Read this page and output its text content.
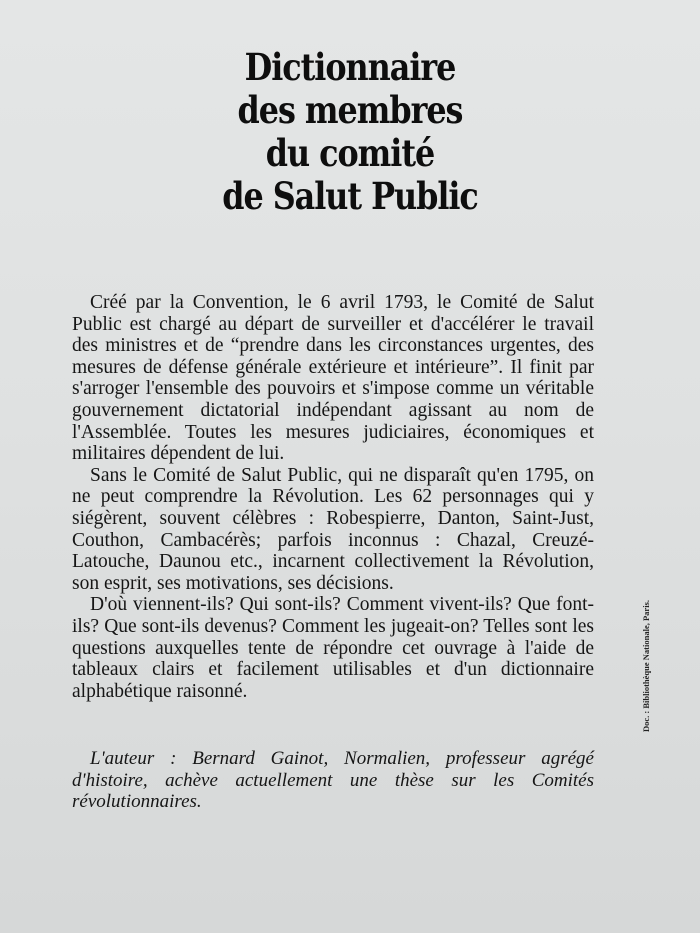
Dictionnaire
des membres
du comité
de Salut Public

Créé par la Convention, le 6 avril 1793, le Comité de Salut Public est chargé au départ de surveiller et d'accélérer le travail des ministres et de “prendre dans les circonstances urgentes, des mesures de défense générale extérieure et intérieure”. Il finit par s'arroger l'ensemble des pouvoirs et s'impose comme un véritable gouvernement dictatorial indépendant agissant au nom de l'Assemblée. Toutes les mesures judiciaires, économiques et militaires dépendent de lui.

Sans le Comité de Salut Public, qui ne disparaît qu'en 1795, on ne peut comprendre la Révolution. Les 62 personnages qui y siégèrent, souvent célèbres : Robespierre, Danton, Saint-Just, Couthon, Cambacérès; parfois inconnus : Chazal, Creuzé-Latouche, Daunou etc., incarnent collectivement la Révolution, son esprit, ses motivations, ses décisions.

D'où viennent-ils? Qui sont-ils? Comment vivent-ils? Que font-ils? Que sont-ils devenus? Comment les jugeait-on? Telles sont les questions auxquelles tente de répondre cet ouvrage à l'aide de tableaux clairs et facilement utilisables et d'un dictionnaire alphabétique raisonné.

L'auteur : Bernard Gainot, Normalien, professeur agrégé d'histoire, achève actuellement une thèse sur les Comités révolutionnaires.
Doc. : Bibliothèque Nationale, Paris.
